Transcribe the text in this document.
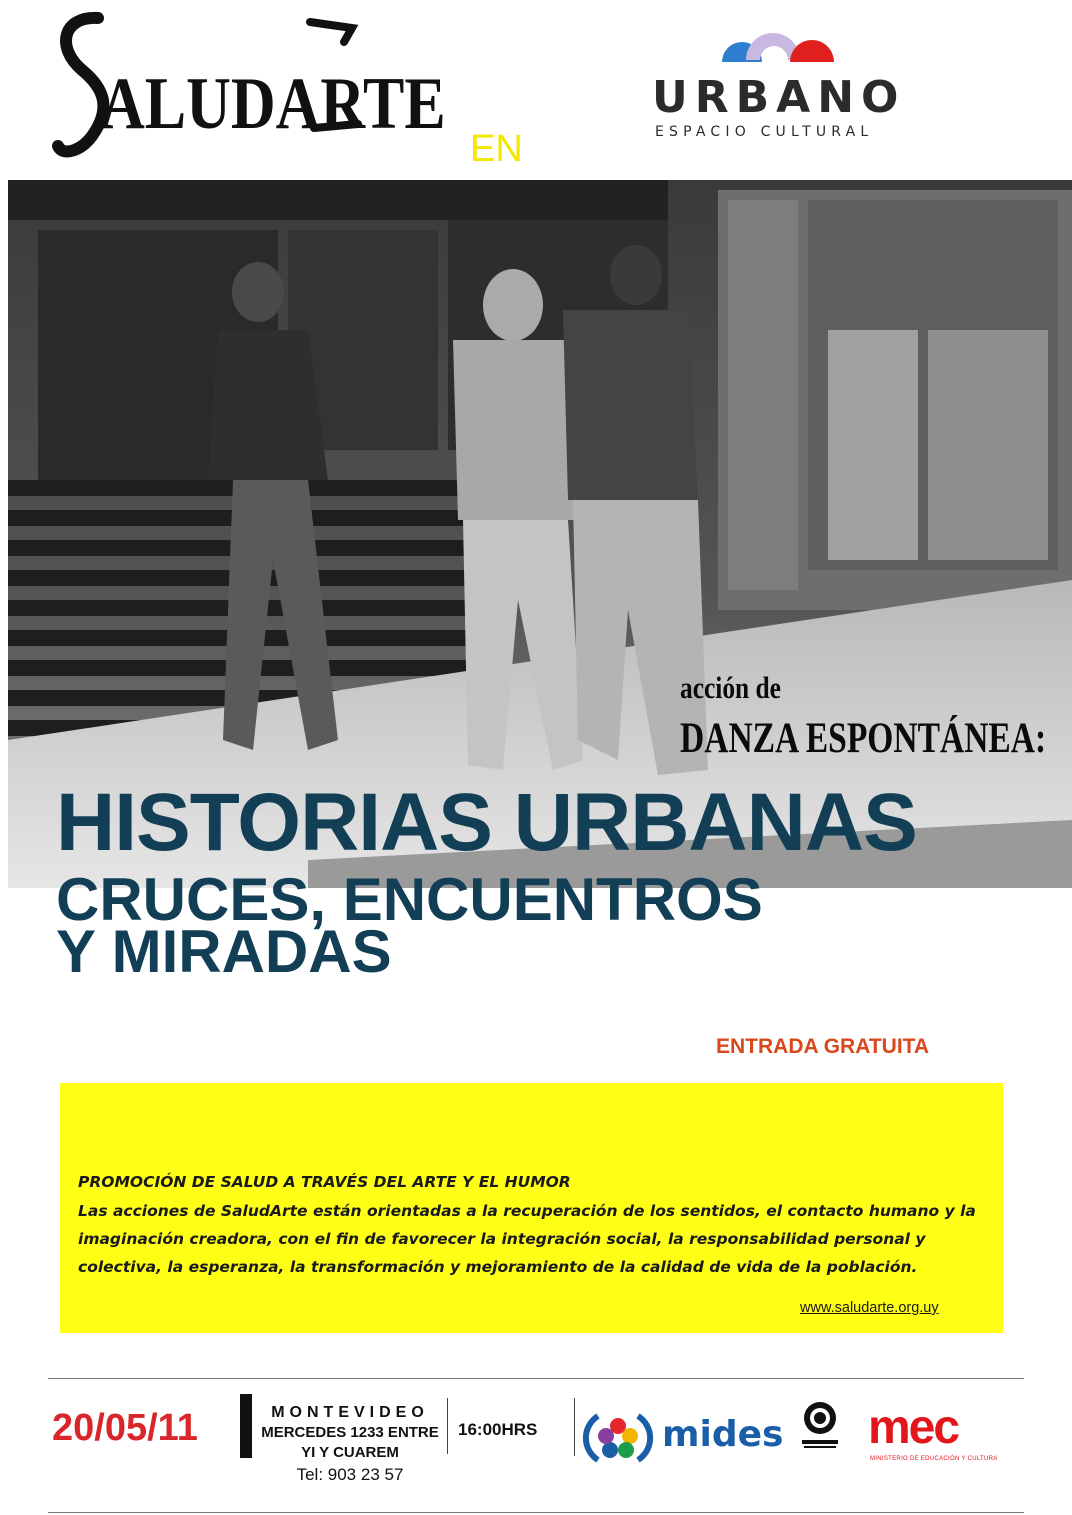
ALUDARTE
EN
URBANO
ESPACIO CULTURAL
acción de
DANZA ESPONTÁNEA:
HISTORIAS URBANAS
CRUCES, ENCUENTROS
Y MIRADAS
ENTRADA GRATUITA
PROMOCIÓN DE SALUD A TRAVÉS DEL ARTE Y EL HUMOR
Las acciones de SaludArte están orientadas a la recuperación de los sentidos, el contacto humano y la imaginación creadora, con el fin de favorecer la integración social, la responsabilidad personal y colectiva, la esperanza, la transformación y mejoramiento de la calidad de vida de la población.
www.saludarte.org.uy
20/05/11	MONTEVIDEO
MERCEDES 1233 ENTRE
YI Y CUAREM
Tel: 903 23 57
16:00HRS	mides mec
MINISTERIO DE EDUCACIÓN Y CULTURA
